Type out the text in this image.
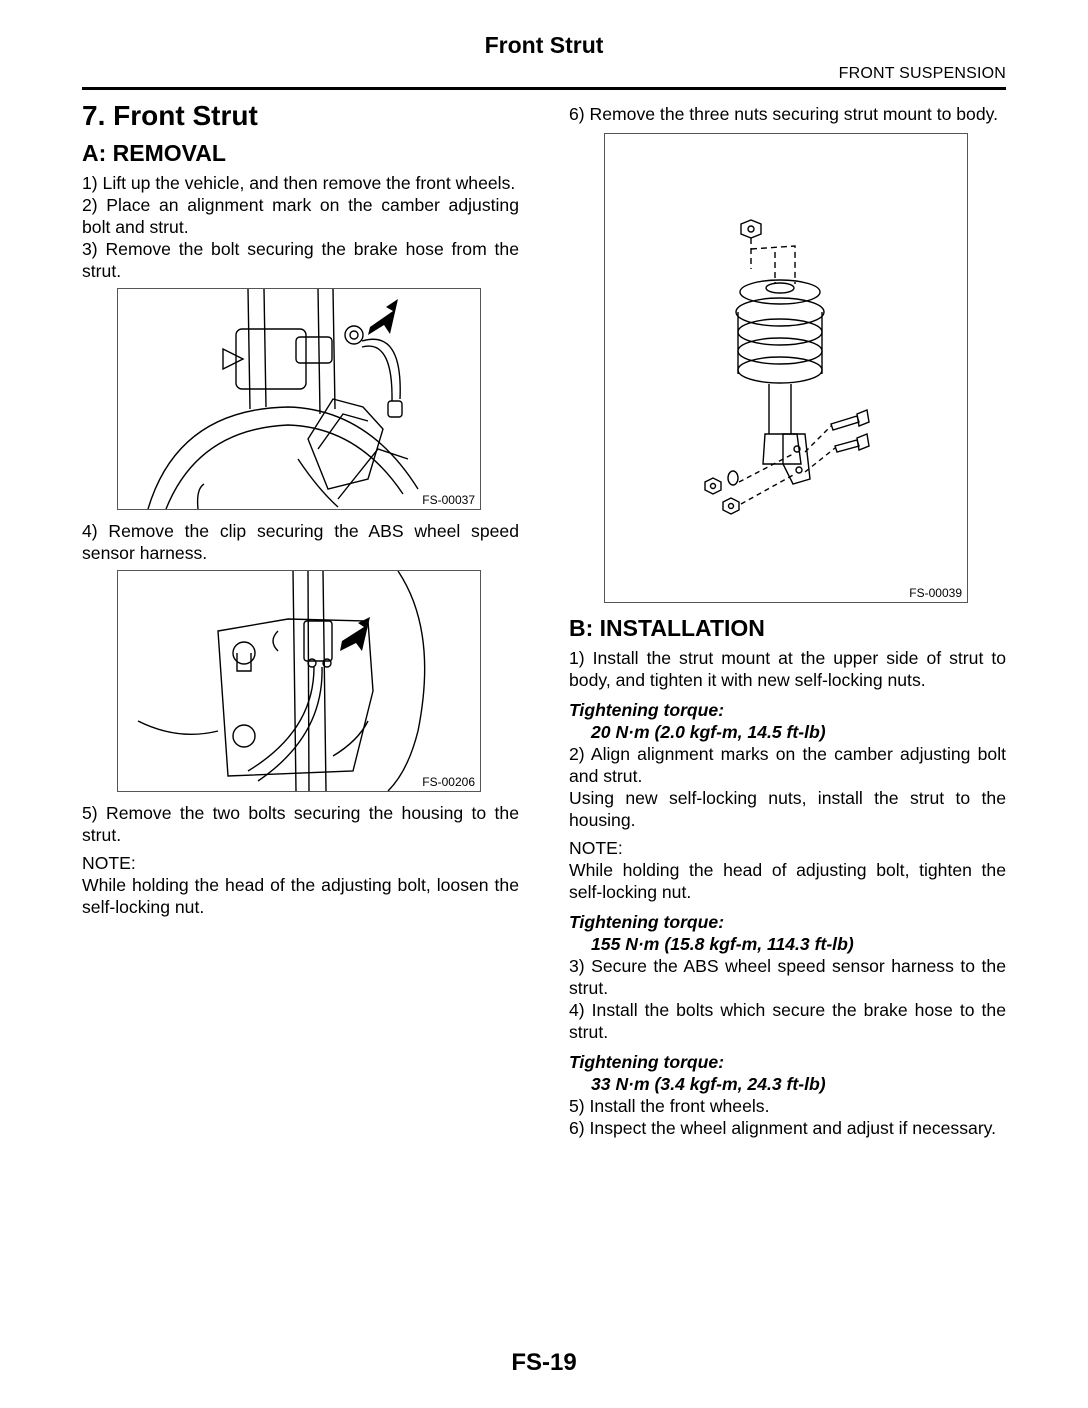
Front Strut
FRONT SUSPENSION
7. Front Strut
A: REMOVAL

1) Lift up the vehicle, and then remove the front wheels.

2) Place an alignment mark on the camber adjusting bolt and strut.

3) Remove the bolt securing the brake hose from the strut.

FS-00037

4) Remove the clip securing the ABS wheel speed sensor harness.

FS-00206

5) Remove the two bolts securing the housing to the strut.

NOTE:

While holding the head of the adjusting bolt, loosen the self-locking nut.

6) Remove the three nuts securing strut mount to body.

FS-00039
B: INSTALLATION

1) Install the strut mount at the upper side of strut to body, and tighten it with new self-locking nuts.

Tightening torque:
20 N·m (2.0 kgf-m, 14.5 ft-lb)

2) Align alignment marks on the camber adjusting bolt and strut.

Using new self-locking nuts, install the strut to the housing.

NOTE:

While holding the head of adjusting bolt, tighten the self-locking nut.

Tightening torque:
155 N·m (15.8 kgf-m, 114.3 ft-lb)

3) Secure the ABS wheel speed sensor harness to the strut.

4) Install the bolts which secure the brake hose to the strut.

Tightening torque:
33 N·m (3.4 kgf-m, 24.3 ft-lb)

5) Install the front wheels.

6) Inspect the wheel alignment and adjust if necessary.

FS-19
